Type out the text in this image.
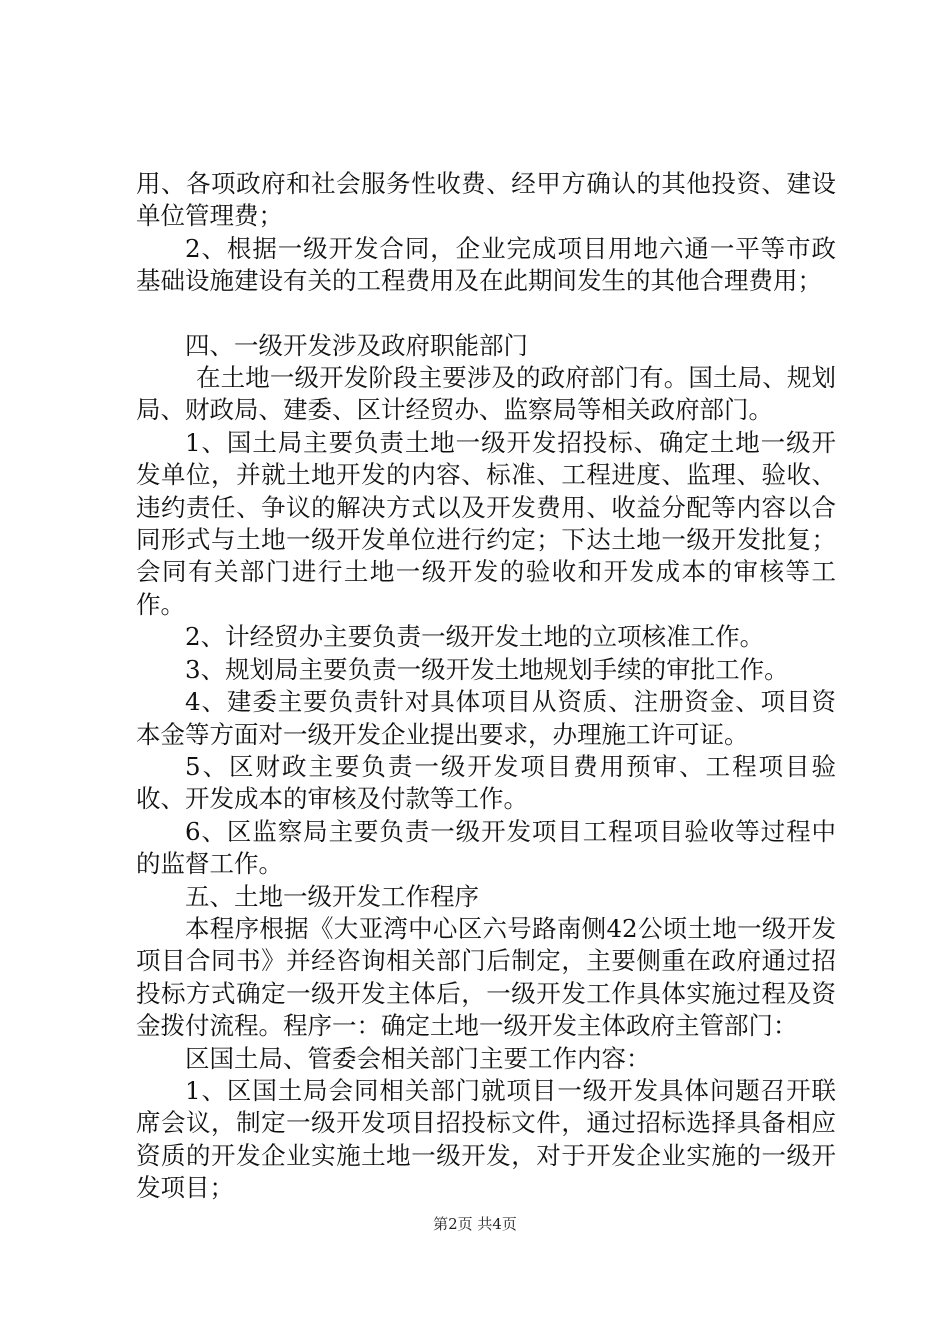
用、各项政府和社会服务性收费、经甲方确认的其他投资、建设单位管理费；

2、根据一级开发合同，企业完成项目用地六通一平等市政基础设施建设有关的工程费用及在此期间发生的其他合理费用；

四、一级开发涉及政府职能部门

在土地一级开发阶段主要涉及的政府部门有。国土局、规划局、财政局、建委、区计经贸办、监察局等相关政府部门。

1、国土局主要负责土地一级开发招投标、确定土地一级开发单位，并就土地开发的内容、标准、工程进度、监理、验收、违约责任、争议的解决方式以及开发费用、收益分配等内容以合同形式与土地一级开发单位进行约定；下达土地一级开发批复；会同有关部门进行土地一级开发的验收和开发成本的审核等工作。

2、计经贸办主要负责一级开发土地的立项核准工作。

3、规划局主要负责一级开发土地规划手续的审批工作。

4、建委主要负责针对具体项目从资质、注册资金、项目资本金等方面对一级开发企业提出要求，办理施工许可证。

5、区财政主要负责一级开发项目费用预审、工程项目验收、开发成本的审核及付款等工作。

6、区监察局主要负责一级开发项目工程项目验收等过程中的监督工作。

五、土地一级开发工作程序

本程序根据《大亚湾中心区六号路南侧42公顷土地一级开发项目合同书》并经咨询相关部门后制定，主要侧重在政府通过招投标方式确定一级开发主体后，一级开发工作具体实施过程及资金拨付流程。程序一：确定土地一级开发主体政府主管部门：

区国土局、管委会相关部门主要工作内容：

1、区国土局会同相关部门就项目一级开发具体问题召开联席会议，制定一级开发项目招投标文件，通过招标选择具备相应资质的开发企业实施土地一级开发，对于开发企业实施的一级开发项目；

第2页 共4页
